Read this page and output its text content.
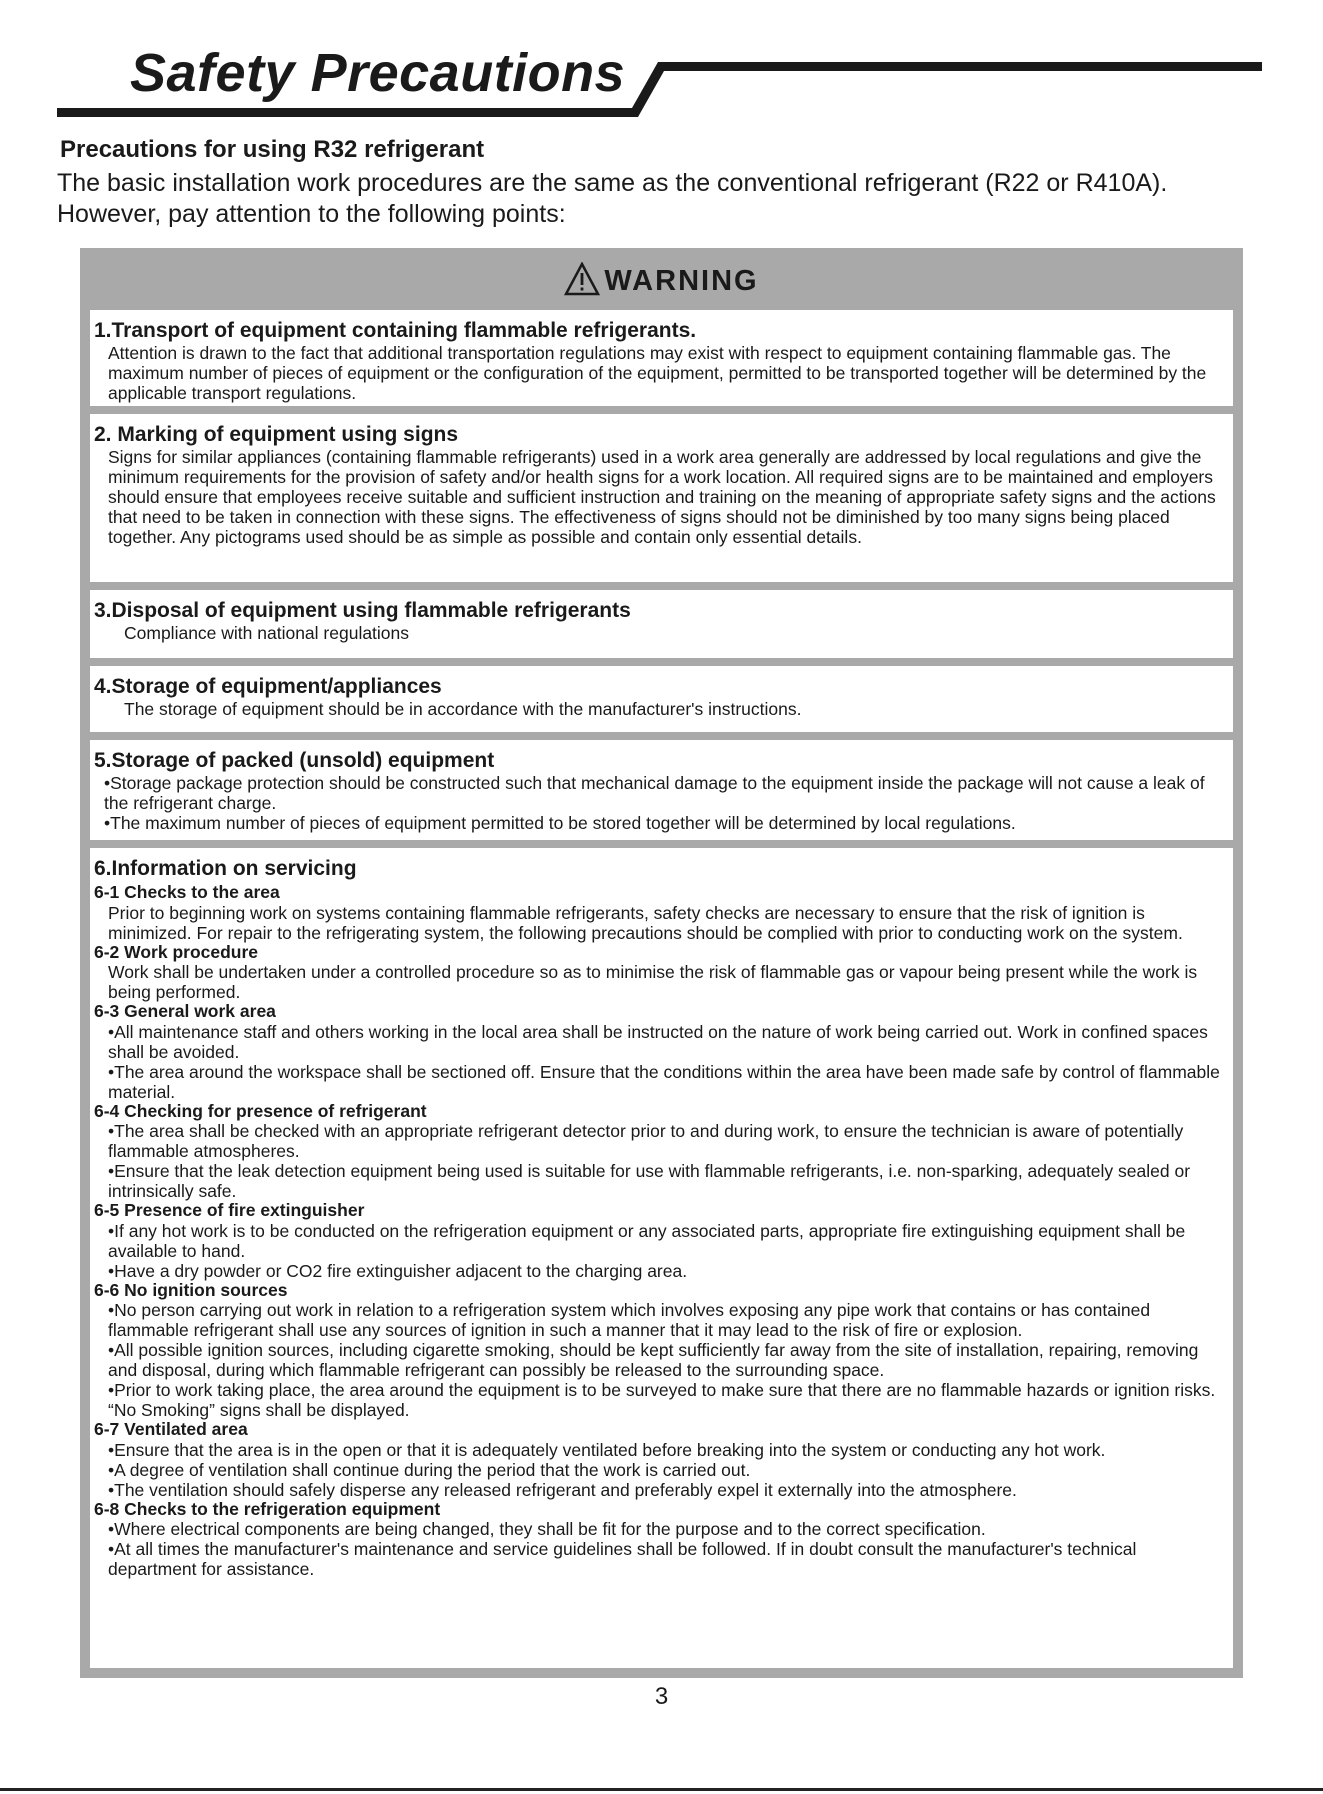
Safety Precautions
Precautions for using R32 refrigerant

The basic installation work procedures are the same as the conventional refrigerant (R22 or R410A).

However, pay attention to the following points:

WARNING
1.Transport of equipment containing flammable refrigerants.

Attention is drawn to the fact that additional transportation regulations may exist with respect to equipment containing flammable gas. The maximum number of pieces of equipment or the configuration of the equipment, permitted to be transported together will be determined by the applicable transport regulations.

2. Marking of equipment using signs

Signs for similar appliances (containing flammable refrigerants) used in a work area generally are addressed by local regulations and give the minimum requirements for the provision of safety and/or health signs for a work location. All required signs are to be maintained and employers should ensure that employees receive suitable and sufficient instruction and training on the meaning of appropriate safety signs and the actions that need to be taken in connection with these signs. The effectiveness of signs should not be diminished by too many signs being placed together. Any pictograms used should be as simple as possible and contain only essential details.

3.Disposal of equipment using flammable refrigerants

Compliance with national regulations

4.Storage of equipment/appliances

The storage of equipment should be in accordance with the manufacturer's instructions.

5.Storage of packed (unsold) equipment

•Storage package protection should be constructed such that mechanical damage to the equipment inside the package will not cause a leak of the refrigerant charge.

•The maximum number of pieces of equipment permitted to be stored together will be determined by local regulations.

6.Information on servicing
6-1 Checks to the area

Prior to beginning work on systems containing flammable refrigerants, safety checks are necessary to ensure that the risk of ignition is minimized. For repair to the refrigerating system, the following precautions should be complied with prior to conducting work on the system.

6-2 Work procedure

Work shall be undertaken under a controlled procedure so as to minimise the risk of flammable gas or vapour being present while the work is being performed.

6-3 General work area

•All maintenance staff and others working in the local area shall be instructed on the nature of work being carried out. Work in confined spaces shall be avoided.

•The area around the workspace shall be sectioned off. Ensure that the conditions within the area have been made safe by control of flammable material.

6-4 Checking for presence of refrigerant

•The area shall be checked with an appropriate refrigerant detector prior to and during work, to ensure the technician is aware of potentially flammable atmospheres.

•Ensure that the leak detection equipment being used is suitable for use with flammable refrigerants, i.e. non-sparking, adequately sealed or intrinsically safe.

6-5 Presence of fire extinguisher

•If any hot work is to be conducted on the refrigeration equipment or any associated parts, appropriate fire extinguishing equipment shall be available to hand.

•Have a dry powder or CO2 fire extinguisher adjacent to the charging area.

6-6 No ignition sources

•No person carrying out work in relation to a refrigeration system which involves exposing any pipe work that contains or has contained flammable refrigerant shall use any sources of ignition in such a manner that it may lead to the risk of fire or explosion.

•All possible ignition sources, including cigarette smoking, should be kept sufficiently far away from the site of installation, repairing, removing and disposal, during which flammable refrigerant can possibly be released to the surrounding space.

•Prior to work taking place, the area around the equipment is to be surveyed to make sure that there are no flammable hazards or ignition risks. “No Smoking” signs shall be displayed.

6-7 Ventilated area

•Ensure that the area is in the open or that it is adequately ventilated before breaking into the system or conducting any hot work.

•A degree of ventilation shall continue during the period that the work is carried out.

•The ventilation should safely disperse any released refrigerant and preferably expel it externally into the atmosphere.

6-8 Checks to the refrigeration equipment

•Where electrical components are being changed, they shall be fit for the purpose and to the correct specification.

•At all times the manufacturer's maintenance and service guidelines shall be followed. If in doubt consult the manufacturer's technical department for assistance.

3
